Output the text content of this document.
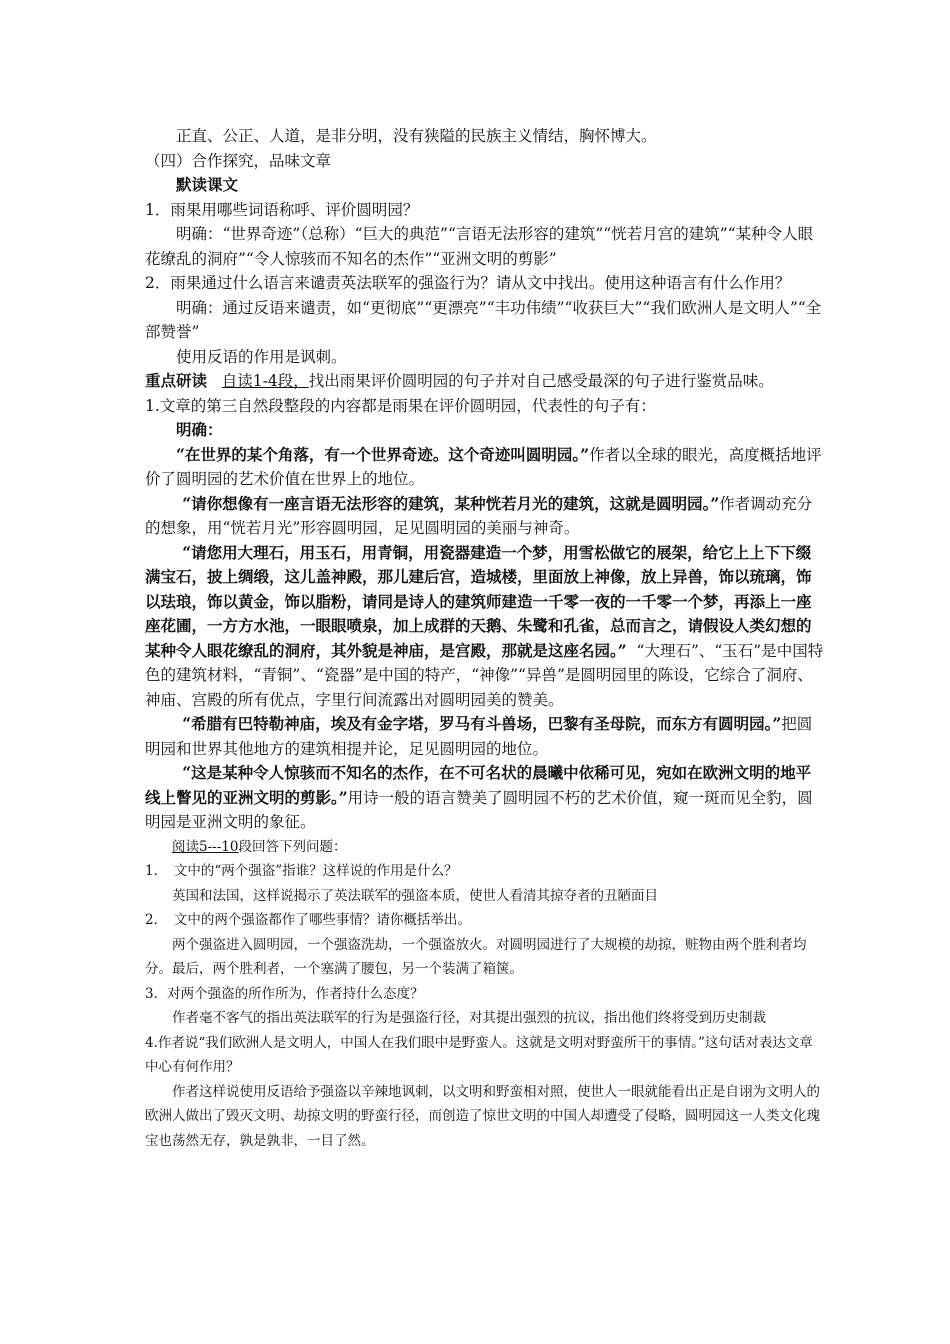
正直、公正、人道，是非分明，没有狭隘的民族主义情结，胸怀博大。

（四）合作探究，品味文章

默读课文

1．雨果用哪些词语称呼、评价圆明园？

明确：“世界奇迹”（总称）“巨大的典范”“言语无法形容的建筑”“恍若月宫的建筑”“某种令人眼花缭乱的洞府”“令人惊骇而不知名的杰作”“亚洲文明的剪影”

2．雨果通过什么语言来谴责英法联军的强盗行为？请从文中找出。使用这种语言有什么作用？

明确：通过反语来谴责，如“更彻底”“更漂亮”“丰功伟绩”“收获巨大”“我们欧洲人是文明人”“全部赞誉”

使用反语的作用是讽刺。

重点研读 自读1-4段，找出雨果评价圆明园的句子并对自己感受最深的句子进行鉴赏品味。

1.文章的第三自然段整段的内容都是雨果在评价圆明园，代表性的句子有：

明确：

“在世界的某个角落，有一个世界奇迹。这个奇迹叫圆明园。”作者以全球的眼光，高度概括地评价了圆明园的艺术价值在世界上的地位。

“请你想像有一座言语无法形容的建筑，某种恍若月光的建筑，这就是圆明园。”作者调动充分的想象，用“恍若月光”形容圆明园，足见圆明园的美丽与神奇。

“请您用大理石，用玉石，用青铜，用瓷器建造一个梦，用雪松做它的展架，给它上上下下缀满宝石，披上绸缎，这儿盖神殿，那儿建后宫，造城楼，里面放上神像，放上异兽，饰以琉璃，饰以珐琅，饰以黄金，饰以脂粉，请同是诗人的建筑师建造一千零一夜的一千零一个梦，再添上一座座花圃，一方方水池，一眼眼喷泉，加上成群的天鹅、朱鹭和孔雀，总而言之，请假设人类幻想的某种令人眼花缭乱的洞府，其外貌是神庙，是宫殿，那就是这座名园。” “大理石”、“玉石”是中国特色的建筑材料，“青铜”、“瓷器”是中国的特产，“神像”“异兽”是圆明园里的陈设，它综合了洞府、神庙、宫殿的所有优点，字里行间流露出对圆明园美的赞美。

“希腊有巴特勒神庙，埃及有金字塔，罗马有斗兽场，巴黎有圣母院，而东方有圆明园。”把圆明园和世界其他地方的建筑相提并论，足见圆明园的地位。

“这是某种令人惊骇而不知名的杰作，在不可名状的晨曦中依稀可见，宛如在欧洲文明的地平线上瞥见的亚洲文明的剪影。”用诗一般的语言赞美了圆明园不朽的艺术价值，窥一斑而见全豹，圆明园是亚洲文明的象征。

阅读5---10段回答下列问题：

1．　文中的“两个强盗”指谁？这样说的作用是什么？

英国和法国，这样说揭示了英法联军的强盗本质，使世人看清其掠夺者的丑陋面目

2．　文中的两个强盗都作了哪些事情？请你概括举出。

两个强盗进入圆明园，一个强盗洗劫，一个强盗放火。对圆明园进行了大规模的劫掠，赃物由两个胜利者均分。最后，两个胜利者，一个塞满了腰包，另一个装满了箱箧。

3．对两个强盗的所作所为，作者持什么态度？

作者毫不客气的指出英法联军的行为是强盗行径，对其提出强烈的抗议，指出他们终将受到历史制裁

4.作者说“我们欧洲人是文明人，中国人在我们眼中是野蛮人。这就是文明对野蛮所干的事情。”这句话对表达文章中心有何作用？

作者这样说使用反语给予强盗以辛辣地讽刺，以文明和野蛮相对照，使世人一眼就能看出正是自诩为文明人的欧洲人做出了毁灭文明、劫掠文明的野蛮行径，而创造了惊世文明的中国人却遭受了侵略，圆明园这一人类文化瑰宝也荡然无存，孰是孰非，一目了然。
